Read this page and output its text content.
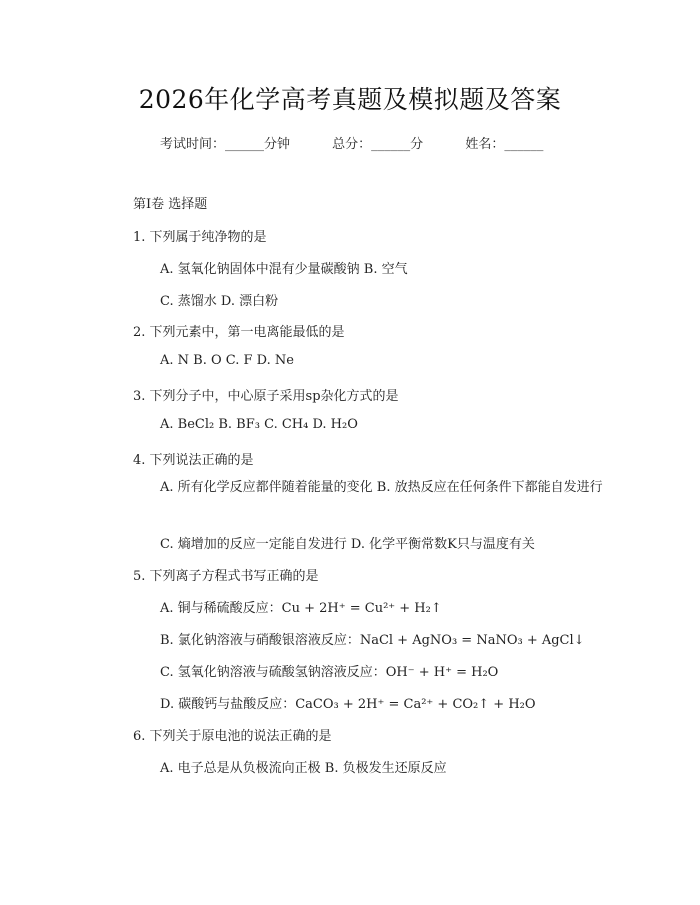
2026年化学高考真题及模拟题及答案
考试时间：______分钟	总分：______分	姓名：______
第Ⅰ卷 选择题
1. 下列属于纯净物的是
A. 氢氧化钠固体中混有少量碳酸钠 B. 空气
C. 蒸馏水 D. 漂白粉
2. 下列元素中，第一电离能最低的是
A. N B. O C. F D. Ne
3. 下列分子中，中心原子采用sp杂化方式的是
A. BeCl₂ B. BF₃ C. CH₄ D. H₂O
4. 下列说法正确的是
A. 所有化学反应都伴随着能量的变化 B. 放热反应在任何条件下都能自发进行
C. 熵增加的反应一定能自发进行 D. 化学平衡常数K只与温度有关
5. 下列离子方程式书写正确的是
A. 铜与稀硫酸反应：Cu + 2H⁺ = Cu²⁺ + H₂↑
B. 氯化钠溶液与硝酸银溶液反应：NaCl + AgNO₃ = NaNO₃ + AgCl↓
C. 氢氧化钠溶液与硫酸氢钠溶液反应：OH⁻ + H⁺ = H₂O
D. 碳酸钙与盐酸反应：CaCO₃ + 2H⁺ = Ca²⁺ + CO₂↑ + H₂O
6. 下列关于原电池的说法正确的是
A. 电子总是从负极流向正极 B. 负极发生还原反应
